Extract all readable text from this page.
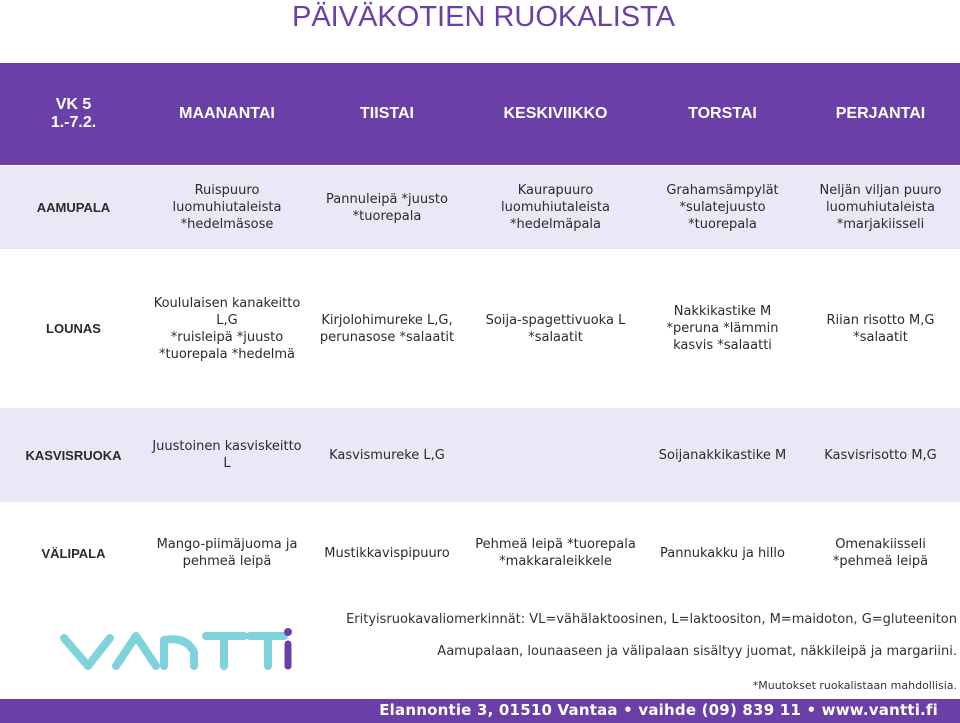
PÄIVÄKOTIEN RUOKALISTA
VK 5
1.-7.2.	MAANANTAI	TIISTAI	KESKIVIIKKO	TORSTAI	PERJANTAI
AAMUPALA	Ruispuuro
luomuhiutaleista
*hedelmäsose	Pannuleipä *juusto
*tuorepala	Kaurapuuro
luomuhiutaleista
*hedelmäpala	Grahamsämpylät
*sulatejuusto
*tuorepala	Neljän viljan puuro
luomuhiutaleista
*marjakiisseli

LOUNAS	Koululaisen kanakeitto L,G
*ruisleipä *juusto
*tuorepala *hedelmä	Kirjolohimureke L,G,
perunasose *salaatit	Soija-spagettivuoka L
*salaatit	Nakkikastike M
*peruna *lämmin
kasvis *salaatti	Riian risotto M,G
*salaatit

KASVISRUOKA	Juustoinen kasviskeitto L	Kasvismureke L,G		Soijanakkikastike M	Kasvisrisotto M,G

VÄLIPALA	Mango-piimäjuoma ja
pehmeä leipä	Mustikkavispipuuro	Pehmeä leipä *tuorepala
*makkaraleikkele	Pannukakku ja hillo	Omenakiisseli
*pehmeä leipä
Erityisruokavaliomerkinnät: VL=vähälaktoosinen, L=laktoositon, M=maidoton, G=gluteeniton
Aamupalaan, lounaaseen ja välipalaan sisältyy juomat, näkkileipä ja margariini.
*Muutokset ruokalistaan mahdollisia.
Elannontie 3, 01510 Vantaa • vaihde (09) 839 11 • www.vantti.fi
